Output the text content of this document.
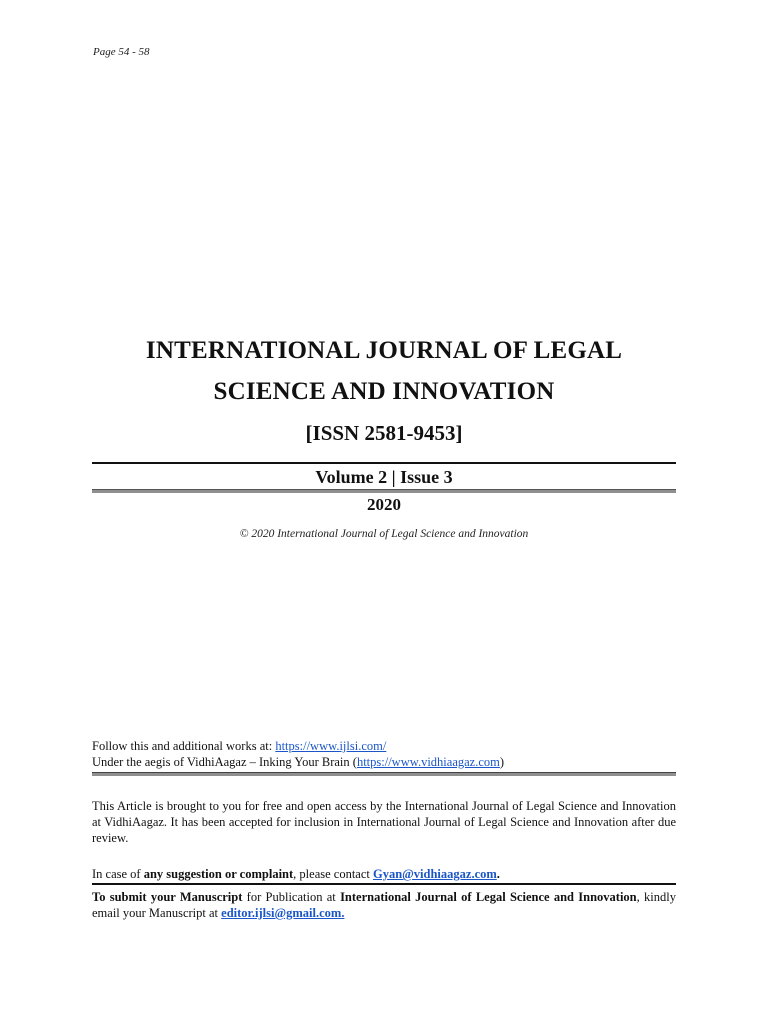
Page 54 - 58
INTERNATIONAL JOURNAL OF LEGAL
SCIENCE AND INNOVATION
[ISSN 2581-9453]
Volume 2 | Issue 3
2020
© 2020 International Journal of Legal Science and Innovation
Follow this and additional works at: https://www.ijlsi.com/
Under the aegis of VidhiAagaz – Inking Your Brain (https://www.vidhiaagaz.com)
This Article is brought to you for free and open access by the International Journal of Legal Science and Innovation at VidhiAagaz. It has been accepted for inclusion in International Journal of Legal Science and Innovation after due review.
In case of any suggestion or complaint, please contact Gyan@vidhiaagaz.com.
To submit your Manuscript for Publication at International Journal of Legal Science and Innovation, kindly email your Manuscript at editor.ijlsi@gmail.com.
